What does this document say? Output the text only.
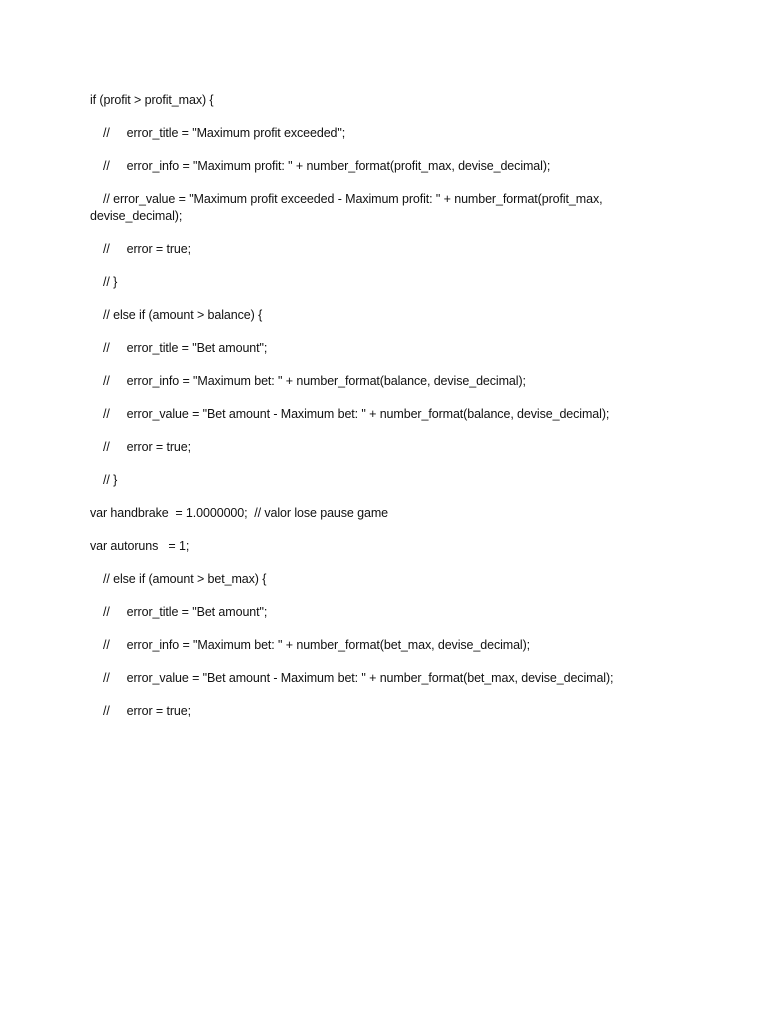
if (profit > profit_max) {
//     error_title = "Maximum profit exceeded";
//     error_info = "Maximum profit: " + number_format(profit_max, devise_decimal);
// error_value = "Maximum profit exceeded - Maximum profit: " + number_format(profit_max, devise_decimal);
//     error = true;
// }
// else if (amount > balance) {
//     error_title = "Bet amount";
//     error_info = "Maximum bet: " + number_format(balance, devise_decimal);
//     error_value = "Bet amount - Maximum bet: " + number_format(balance, devise_decimal);
//     error = true;
// }
var handbrake  = 1.0000000;  // valor lose pause game
var autoruns   = 1;
// else if (amount > bet_max) {
//     error_title = "Bet amount";
//     error_info = "Maximum bet: " + number_format(bet_max, devise_decimal);
//     error_value = "Bet amount - Maximum bet: " + number_format(bet_max, devise_decimal);
//     error = true;
